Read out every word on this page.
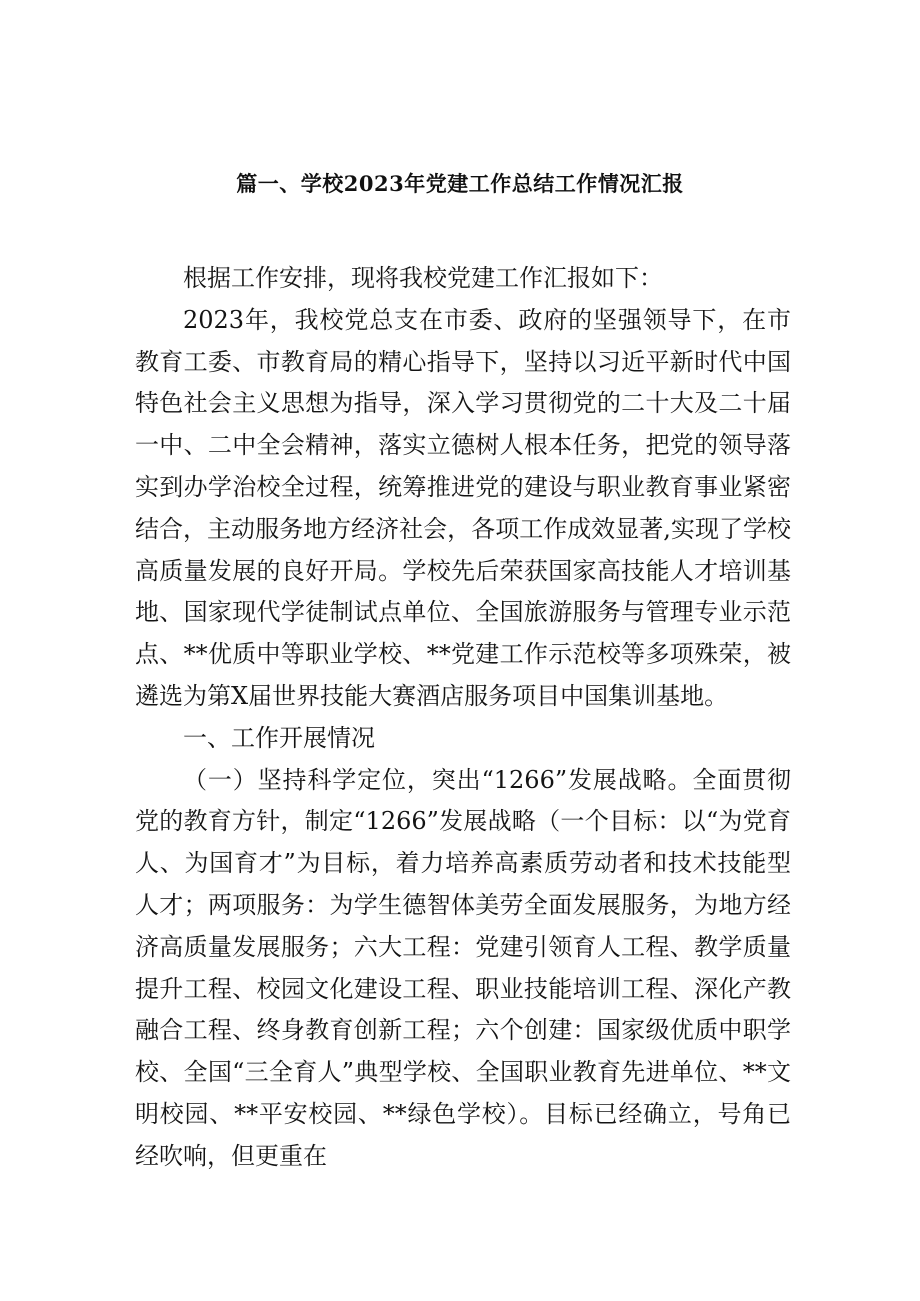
篇一、学校2023年党建工作总结工作情况汇报

根据工作安排，现将我校党建工作汇报如下：

2023年，我校党总支在市委、政府的坚强领导下，在市教育工委、市教育局的精心指导下，坚持以习近平新时代中国特色社会主义思想为指导，深入学习贯彻党的二十大及二十届一中、二中全会精神，落实立德树人根本任务，把党的领导落实到办学治校全过程，统筹推进党的建设与职业教育事业紧密结合，主动服务地方经济社会，各项工作成效显著,实现了学校高质量发展的良好开局。学校先后荣获国家高技能人才培训基地、国家现代学徒制试点单位、全国旅游服务与管理专业示范点、**优质中等职业学校、**党建工作示范校等多项殊荣，被遴选为第X届世界技能大赛酒店服务项目中国集训基地。

一、工作开展情况

（一）坚持科学定位，突出“1266”发展战略。全面贯彻党的教育方针，制定“1266”发展战略（一个目标：以“为党育人、为国育才”为目标，着力培养高素质劳动者和技术技能型人才；两项服务：为学生德智体美劳全面发展服务，为地方经济高质量发展服务；六大工程：党建引领育人工程、教学质量提升工程、校园文化建设工程、职业技能培训工程、深化产教融合工程、终身教育创新工程；六个创建：国家级优质中职学校、全国“三全育人”典型学校、全国职业教育先进单位、**文明校园、**平安校园、**绿色学校）。目标已经确立，号角已经吹响，但更重在
